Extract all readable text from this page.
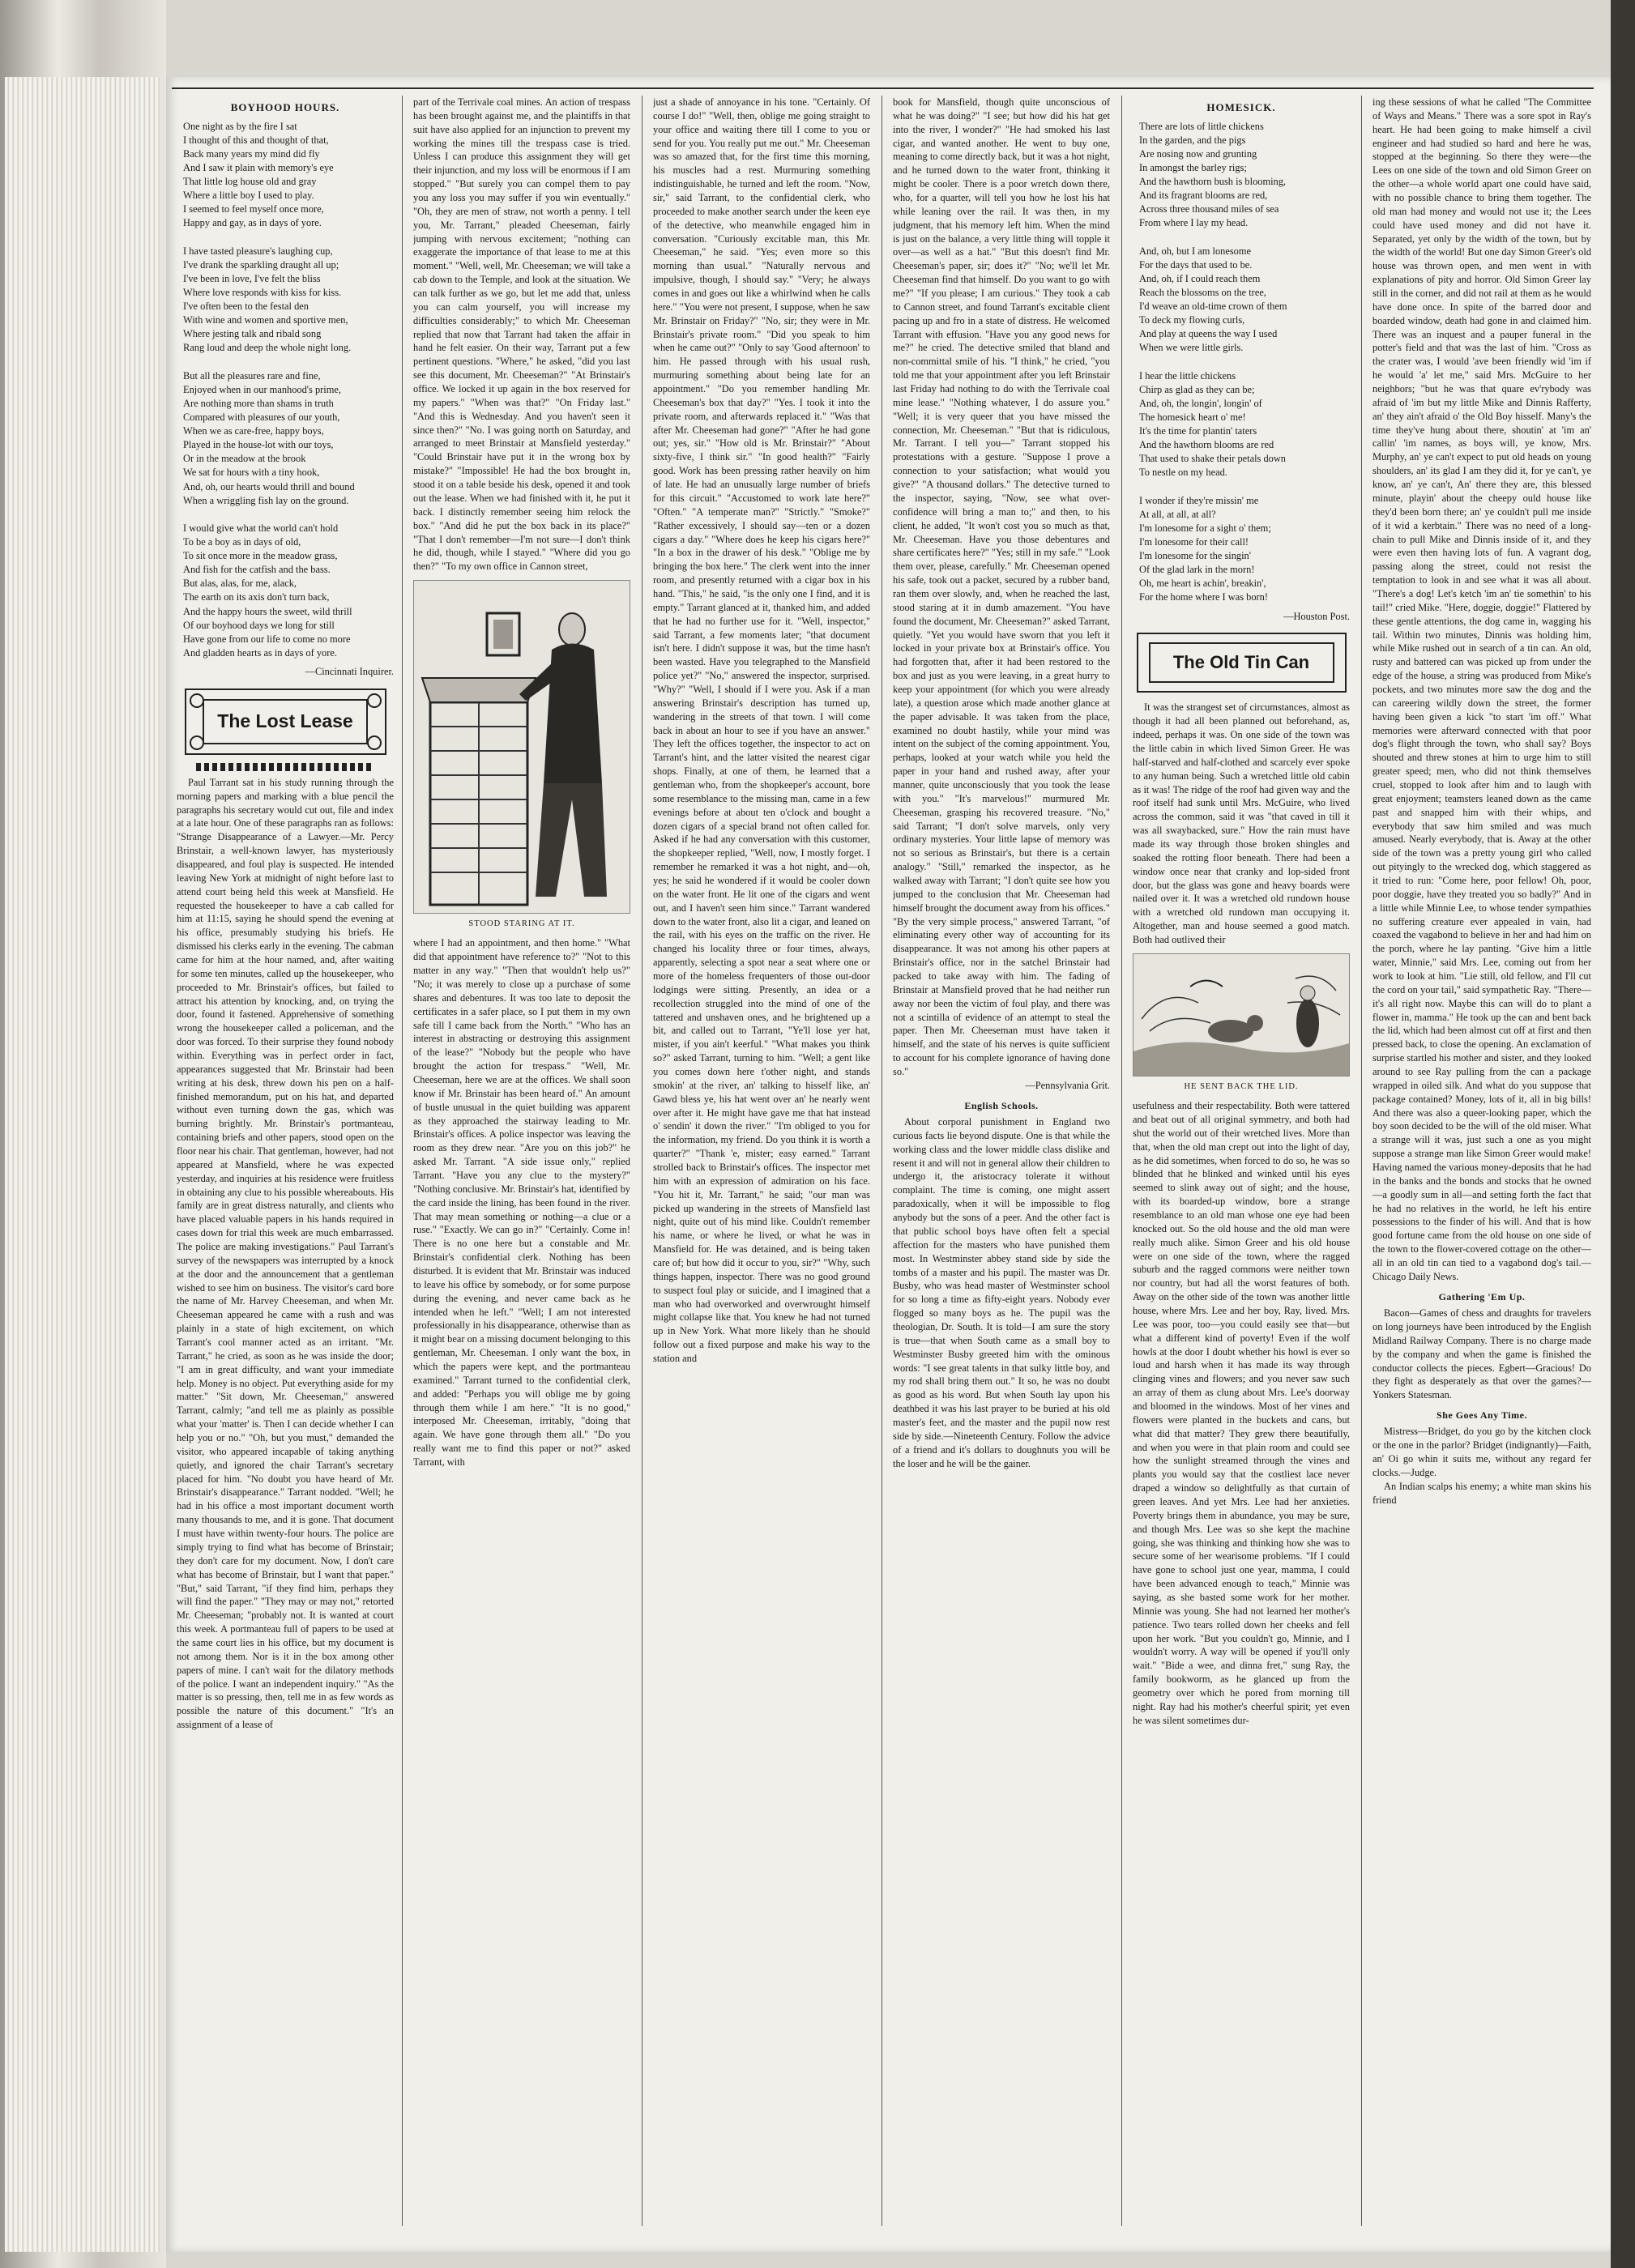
BOYHOOD HOURS.
One night as by the fire I sat
I thought of this and thought of that,
Back many years my mind did fly
And I saw it plain with memory's eye
That little log house old and gray
Where a little boy I used to play.
I seemed to feel myself once more,
Happy and gay, as in days of yore.

I have tasted pleasure's laughing cup,
I've drank the sparkling draught all up;
I've been in love, I've felt the bliss
Where love responds with kiss for kiss.
I've often been to the festal den
With wine and women and sportive men,
Where jesting talk and ribald song
Rang loud and deep the whole night long.

But all the pleasures rare and fine,
Enjoyed when in our manhood's prime,
Are nothing more than shams in truth
Compared with pleasures of our youth,
When we as care-free, happy boys,
Played in the house-lot with our toys,
Or in the meadow at the brook
We sat for hours with a tiny hook,
And, oh, our hearts would thrill and bound
When a wriggling fish lay on the ground.

I would give what the world can't hold
To be a boy as in days of old,
To sit once more in the meadow grass,
And fish for the catfish and the bass.
But alas, alas, for me, alack,
The earth on its axis don't turn back,
And the happy hours the sweet, wild thrill
Of our boyhood days we long for still
Have gone from our life to come no more
And gladden hearts as in days of yore.
—Cincinnati Inquirer.
The Lost Lease

Paul Tarrant sat in his study running through the morning papers and marking with a blue pencil the paragraphs his secretary would cut out, file and index at a late hour. One of these paragraphs ran as follows: "Strange Disappearance of a Lawyer.—Mr. Percy Brinstair, a well-known lawyer, has mysteriously disappeared, and foul play is suspected. He intended leaving New York at midnight of night before last to attend court being held this week at Mansfield. He requested the housekeeper to have a cab called for him at 11:15, saying he should spend the evening at his office, presumably studying his briefs. He dismissed his clerks early in the evening. The cabman came for him at the hour named, and, after waiting for some ten minutes, called up the housekeeper, who proceeded to Mr. Brinstair's offices, but failed to attract his attention by knocking, and, on trying the door, found it fastened. Apprehensive of something wrong the housekeeper called a policeman, and the door was forced. To their surprise they found nobody within. Everything was in perfect order in fact, appearances suggested that Mr. Brinstair had been writing at his desk, threw down his pen on a half-finished memorandum, put on his hat, and departed without even turning down the gas, which was burning brightly. Mr. Brinstair's portmanteau, containing briefs and other papers, stood open on the floor near his chair. That gentleman, however, had not appeared at Mansfield, where he was expected yesterday, and inquiries at his residence were fruitless in obtaining any clue to his possible whereabouts. His family are in great distress naturally, and clients who have placed valuable papers in his hands required in cases down for trial this week are much embarrassed. The police are making investigations." Paul Tarrant's survey of the newspapers was interrupted by a knock at the door and the announcement that a gentleman wished to see him on business. The visitor's card bore the name of Mr. Harvey Cheeseman, and when Mr. Cheeseman appeared he came with a rush and was plainly in a state of high excitement, on which Tarrant's cool manner acted as an irritant. "Mr. Tarrant," he cried, as soon as he was inside the door; "I am in great difficulty, and want your immediate help. Money is no object. Put everything aside for my matter." "Sit down, Mr. Cheeseman," answered Tarrant, calmly; "and tell me as plainly as possible what your 'matter' is. Then I can decide whether I can help you or no." "Oh, but you must," demanded the visitor, who appeared incapable of taking anything quietly, and ignored the chair Tarrant's secretary placed for him. "No doubt you have heard of Mr. Brinstair's disappearance." Tarrant nodded. "Well; he had in his office a most important document worth many thousands to me, and it is gone. That document I must have within twenty-four hours. The police are simply trying to find what has become of Brinstair; they don't care for my document. Now, I don't care what has become of Brinstair, but I want that paper." "But," said Tarrant, "if they find him, perhaps they will find the paper." "They may or may not," retorted Mr. Cheeseman; "probably not. It is wanted at court this week. A portmanteau full of papers to be used at the same court lies in his office, but my document is not among them. Nor is it in the box among other papers of mine. I can't wait for the dilatory methods of the police. I want an independent inquiry." "As the matter is so pressing, then, tell me in as few words as possible the nature of this document." "It's an assignment of a lease of

part of the Terrivale coal mines. An action of trespass has been brought against me, and the plaintiffs in that suit have also applied for an injunction to prevent my working the mines till the trespass case is tried. Unless I can produce this assignment they will get their injunction, and my loss will be enormous if I am stopped." "But surely you can compel them to pay you any loss you may suffer if you win eventually." "Oh, they are men of straw, not worth a penny. I tell you, Mr. Tarrant," pleaded Cheeseman, fairly jumping with nervous excitement; "nothing can exaggerate the importance of that lease to me at this moment." "Well, well, Mr. Cheeseman; we will take a cab down to the Temple, and look at the situation. We can talk further as we go, but let me add that, unless you can calm yourself, you will increase my difficulties considerably;" to which Mr. Cheeseman replied that now that Tarrant had taken the affair in hand he felt easier. On their way, Tarrant put a few pertinent questions. "Where," he asked, "did you last see this document, Mr. Cheeseman?" "At Brinstair's office. We locked it up again in the box reserved for my papers." "When was that?" "On Friday last." "And this is Wednesday. And you haven't seen it since then?" "No. I was going north on Saturday, and arranged to meet Brinstair at Mansfield yesterday." "Could Brinstair have put it in the wrong box by mistake?" "Impossible! He had the box brought in, stood it on a table beside his desk, opened it and took out the lease. When we had finished with it, he put it back. I distinctly remember seeing him relock the box." "And did he put the box back in its place?" "That I don't remember—I'm not sure—I don't think he did, though, while I stayed." "Where did you go then?" "To my own office in Cannon street,

STOOD STARING AT IT.

where I had an appointment, and then home." "What did that appointment have reference to?" "Not to this matter in any way." "Then that wouldn't help us?" "No; it was merely to close up a purchase of some shares and debentures. It was too late to deposit the certificates in a safer place, so I put them in my own safe till I came back from the North." "Who has an interest in abstracting or destroying this assignment of the lease?" "Nobody but the people who have brought the action for trespass." "Well, Mr. Cheeseman, here we are at the offices. We shall soon know if Mr. Brinstair has been heard of." An amount of bustle unusual in the quiet building was apparent as they approached the stairway leading to Mr. Brinstair's offices. A police inspector was leaving the room as they drew near. "Are you on this job?" he asked Mr. Tarrant. "A side issue only," replied Tarrant. "Have you any clue to the mystery?" "Nothing conclusive. Mr. Brinstair's hat, identified by the card inside the lining, has been found in the river. That may mean something or nothing—a clue or a ruse." "Exactly. We can go in?" "Certainly. Come in! There is no one here but a constable and Mr. Brinstair's confidential clerk. Nothing has been disturbed. It is evident that Mr. Brinstair was induced to leave his office by somebody, or for some purpose during the evening, and never came back as he intended when he left." "Well; I am not interested professionally in his disappearance, otherwise than as it might bear on a missing document belonging to this gentleman, Mr. Cheeseman. I only want the box, in which the papers were kept, and the portmanteau examined." Tarrant turned to the confidential clerk, and added: "Perhaps you will oblige me by going through them while I am here." "It is no good," interposed Mr. Cheeseman, irritably, "doing that again. We have gone through them all." "Do you really want me to find this paper or not?" asked Tarrant, with

just a shade of annoyance in his tone. "Certainly. Of course I do!" "Well, then, oblige me going straight to your office and waiting there till I come to you or send for you. You really put me out." Mr. Cheeseman was so amazed that, for the first time this morning, his muscles had a rest. Murmuring something indistinguishable, he turned and left the room. "Now, sir," said Tarrant, to the confidential clerk, who proceeded to make another search under the keen eye of the detective, who meanwhile engaged him in conversation. "Curiously excitable man, this Mr. Cheeseman," he said. "Yes; even more so this morning than usual." "Naturally nervous and impulsive, though, I should say." "Very; he always comes in and goes out like a whirlwind when he calls here." "You were not present, I suppose, when he saw Mr. Brinstair on Friday?" "No, sir; they were in Mr. Brinstair's private room." "Did you speak to him when he came out?" "Only to say 'Good afternoon' to him. He passed through with his usual rush, murmuring something about being late for an appointment." "Do you remember handling Mr. Cheeseman's box that day?" "Yes. I took it into the private room, and afterwards replaced it." "Was that after Mr. Cheeseman had gone?" "After he had gone out; yes, sir." "How old is Mr. Brinstair?" "About sixty-five, I think sir." "In good health?" "Fairly good. Work has been pressing rather heavily on him of late. He had an unusually large number of briefs for this circuit." "Accustomed to work late here?" "Often." "A temperate man?" "Strictly." "Smoke?" "Rather excessively, I should say—ten or a dozen cigars a day." "Where does he keep his cigars here?" "In a box in the drawer of his desk." "Oblige me by bringing the box here." The clerk went into the inner room, and presently returned with a cigar box in his hand. "This," he said, "is the only one I find, and it is empty." Tarrant glanced at it, thanked him, and added that he had no further use for it. "Well, inspector," said Tarrant, a few moments later; "that document isn't here. I didn't suppose it was, but the time hasn't been wasted. Have you telegraphed to the Mansfield police yet?" "No," answered the inspector, surprised. "Why?" "Well, I should if I were you. Ask if a man answering Brinstair's description has turned up, wandering in the streets of that town. I will come back in about an hour to see if you have an answer." They left the offices together, the inspector to act on Tarrant's hint, and the latter visited the nearest cigar shops. Finally, at one of them, he learned that a gentleman who, from the shopkeeper's account, bore some resemblance to the missing man, came in a few evenings before at about ten o'clock and bought a dozen cigars of a special brand not often called for. Asked if he had any conversation with this customer, the shopkeeper replied, "Well, now, I mostly forget. I remember he remarked it was a hot night, and—oh, yes; he said he wondered if it would be cooler down on the water front. He lit one of the cigars and went out, and I haven't seen him since." Tarrant wandered down to the water front, also lit a cigar, and leaned on the rail, with his eyes on the traffic on the river. He changed his locality three or four times, always, apparently, selecting a spot near a seat where one or more of the homeless frequenters of those out-door lodgings were sitting. Presently, an idea or a recollection struggled into the mind of one of the tattered and unshaven ones, and he brightened up a bit, and called out to Tarrant, "Ye'll lose yer hat, mister, if you ain't keerful." "What makes you think so?" asked Tarrant, turning to him. "Well; a gent like you comes down here t'other night, and stands smokin' at the river, an' talking to hisself like, an' Gawd bless ye, his hat went over an' he nearly went over after it. He might have gave me that hat instead o' sendin' it down the river." "I'm obliged to you for the information, my friend. Do you think it is worth a quarter?" "Thank 'e, mister; easy earned." Tarrant strolled back to Brinstair's offices. The inspector met him with an expression of admiration on his face. "You hit it, Mr. Tarrant," he said; "our man was picked up wandering in the streets of Mansfield last night, quite out of his mind like. Couldn't remember his name, or where he lived, or what he was in Mansfield for. He was detained, and is being taken care of; but how did it occur to you, sir?" "Why, such things happen, inspector. There was no good ground to suspect foul play or suicide, and I imagined that a man who had overworked and overwrought himself might collapse like that. You knew he had not turned up in New York. What more likely than he should follow out a fixed purpose and make his way to the station and

book for Mansfield, though quite unconscious of what he was doing?" "I see; but how did his hat get into the river, I wonder?" "He had smoked his last cigar, and wanted another. He went to buy one, meaning to come directly back, but it was a hot night, and he turned down to the water front, thinking it might be cooler. There is a poor wretch down there, who, for a quarter, will tell you how he lost his hat while leaning over the rail. It was then, in my judgment, that his memory left him. When the mind is just on the balance, a very little thing will topple it over—as well as a hat." "But this doesn't find Mr. Cheeseman's paper, sir; does it?" "No; we'll let Mr. Cheeseman find that himself. Do you want to go with me?" "If you please; I am curious." They took a cab to Cannon street, and found Tarrant's excitable client pacing up and fro in a state of distress. He welcomed Tarrant with effusion. "Have you any good news for me?" he cried. The detective smiled that bland and non-committal smile of his. "I think," he cried, "you told me that your appointment after you left Brinstair last Friday had nothing to do with the Terrivale coal mine lease." "Nothing whatever, I do assure you." "Well; it is very queer that you have missed the connection, Mr. Cheeseman." "But that is ridiculous, Mr. Tarrant. I tell you—" Tarrant stopped his protestations with a gesture. "Suppose I prove a connection to your satisfaction; what would you give?" "A thousand dollars." The detective turned to the inspector, saying, "Now, see what over-confidence will bring a man to;" and then, to his client, he added, "It won't cost you so much as that, Mr. Cheeseman. Have you those debentures and share certificates here?" "Yes; still in my safe." "Look them over, please, carefully." Mr. Cheeseman opened his safe, took out a packet, secured by a rubber band, ran them over slowly, and, when he reached the last, stood staring at it in dumb amazement. "You have found the document, Mr. Cheeseman?" asked Tarrant, quietly. "Yet you would have sworn that you left it locked in your private box at Brinstair's office. You had forgotten that, after it had been restored to the box and just as you were leaving, in a great hurry to keep your appointment (for which you were already late), a question arose which made another glance at the paper advisable. It was taken from the place, examined no doubt hastily, while your mind was intent on the subject of the coming appointment. You, perhaps, looked at your watch while you held the paper in your hand and rushed away, after your manner, quite unconsciously that you took the lease with you." "It's marvelous!" murmured Mr. Cheeseman, grasping his recovered treasure. "No," said Tarrant; "I don't solve marvels, only very ordinary mysteries. Your little lapse of memory was not so serious as Brinstair's, but there is a certain analogy." "Still," remarked the inspector, as he walked away with Tarrant; "I don't quite see how you jumped to the conclusion that Mr. Cheeseman had himself brought the document away from his offices." "By the very simple process," answered Tarrant, "of eliminating every other way of accounting for its disappearance. It was not among his other papers at Brinstair's office, nor in the satchel Brinstair had packed to take away with him. The fading of Brinstair at Mansfield proved that he had neither run away nor been the victim of foul play, and there was not a scintilla of evidence of an attempt to steal the paper. Then Mr. Cheeseman must have taken it himself, and the state of his nerves is quite sufficient to account for his complete ignorance of having done so."

—Pennsylvania Grit.
English Schools.

About corporal punishment in England two curious facts lie beyond dispute. One is that while the working class and the lower middle class dislike and resent it and will not in general allow their children to undergo it, the aristocracy tolerate it without complaint. The time is coming, one might assert paradoxically, when it will be impossible to flog anybody but the sons of a peer. And the other fact is that public school boys have often felt a special affection for the masters who have punished them most. In Westminster abbey stand side by side the tombs of a master and his pupil. The master was Dr. Busby, who was head master of Westminster school for so long a time as fifty-eight years. Nobody ever flogged so many boys as he. The pupil was the theologian, Dr. South. It is told—I am sure the story is true—that when South came as a small boy to Westminster Busby greeted him with the ominous words: "I see great talents in that sulky little boy, and my rod shall bring them out." It so, he was no doubt as good as his word. But when South lay upon his deathbed it was his last prayer to be buried at his old master's feet, and the master and the pupil now rest side by side.—Nineteenth Century. Follow the advice of a friend and it's dollars to doughnuts you will be the loser and he will be the gainer.

HOMESICK.
There are lots of little chickens
In the garden, and the pigs
Are nosing now and grunting
In amongst the barley rigs;
And the hawthorn bush is blooming,
And its fragrant blooms are red,
Across three thousand miles of sea
From where I lay my head.

And, oh, but I am lonesome
For the days that used to be.
And, oh, if I could reach them
Reach the blossoms on the tree,
I'd weave an old-time crown of them
To deck my flowing curls,
And play at queens the way I used
When we were little girls.

I hear the little chickens
Chirp as glad as they can be;
And, oh, the longin', longin' of
The homesick heart o' me!
It's the time for plantin' taters
And the hawthorn blooms are red
That used to shake their petals down
To nestle on my head.

I wonder if they're missin' me
At all, at all, at all?
I'm lonesome for a sight o' them;
I'm lonesome for their call!
I'm lonesome for the singin'
Of the glad lark in the morn!
Oh, me heart is achin', breakin',
For the home where I was born!
—Houston Post.
The Old Tin Can

It was the strangest set of circumstances, almost as though it had all been planned out beforehand, as, indeed, perhaps it was. On one side of the town was the little cabin in which lived Simon Greer. He was half-starved and half-clothed and scarcely ever spoke to any human being. Such a wretched little old cabin as it was! The ridge of the roof had given way and the roof itself had sunk until Mrs. McGuire, who lived across the common, said it was "that caved in till it was all swaybacked, sure." How the rain must have made its way through those broken shingles and soaked the rotting floor beneath. There had been a window once near that cranky and lop-sided front door, but the glass was gone and heavy boards were nailed over it. It was a wretched old rundown house with a wretched old rundown man occupying it. Altogether, man and house seemed a good match. Both had outlived their

HE SENT BACK THE LID.

usefulness and their respectability. Both were tattered and beat out of all original symmetry, and both had shut the world out of their wretched lives. More than that, when the old man crept out into the light of day, as he did sometimes, when forced to do so, he was so blinded that he blinked and winked until his eyes seemed to slink away out of sight; and the house, with its boarded-up window, bore a strange resemblance to an old man whose one eye had been knocked out. So the old house and the old man were really much alike. Simon Greer and his old house were on one side of the town, where the ragged suburb and the ragged commons were neither town nor country, but had all the worst features of both. Away on the other side of the town was another little house, where Mrs. Lee and her boy, Ray, lived. Mrs. Lee was poor, too—you could easily see that—but what a different kind of poverty! Even if the wolf howls at the door I doubt whether his howl is ever so loud and harsh when it has made its way through clinging vines and flowers; and you never saw such an array of them as clung about Mrs. Lee's doorway and bloomed in the windows. Most of her vines and flowers were planted in the buckets and cans, but what did that matter? They grew there beautifully, and when you were in that plain room and could see how the sunlight streamed through the vines and plants you would say that the costliest lace never draped a window so delightfully as that curtain of green leaves. And yet Mrs. Lee had her anxieties. Poverty brings them in abundance, you may be sure, and though Mrs. Lee was so she kept the machine going, she was thinking and thinking how she was to secure some of her wearisome problems. "If I could have gone to school just one year, mamma, I could have been advanced enough to teach," Minnie was saying, as she basted some work for her mother. Minnie was young. She had not learned her mother's patience. Two tears rolled down her cheeks and fell upon her work. "But you couldn't go, Minnie, and I wouldn't worry. A way will be opened if you'll only wait." "Bide a wee, and dinna fret," sung Ray, the family bookworm, as he glanced up from the geometry over which he pored from morning till night. Ray had his mother's cheerful spirit; yet even he was silent sometimes dur-

ing these sessions of what he called "The Committee of Ways and Means." There was a sore spot in Ray's heart. He had been going to make himself a civil engineer and had studied so hard and here he was, stopped at the beginning. So there they were—the Lees on one side of the town and old Simon Greer on the other—a whole world apart one could have said, with no possible chance to bring them together. The old man had money and would not use it; the Lees could have used money and did not have it. Separated, yet only by the width of the town, but by the width of the world! But one day Simon Greer's old house was thrown open, and men went in with explanations of pity and horror. Old Simon Greer lay still in the corner, and did not rail at them as he would have done once. In spite of the barred door and boarded window, death had gone in and claimed him. There was an inquest and a pauper funeral in the potter's field and that was the last of him. "Cross as the crater was, I would 'ave been friendly wid 'im if he would 'a' let me," said Mrs. McGuire to her neighbors; "but he was that quare ev'rybody was afraid of 'im but my little Mike and Dinnis Rafferty, an' they ain't afraid o' the Old Boy hisself. Many's the time they've hung about there, shoutin' at 'im an' callin' 'im names, as boys will, ye know, Mrs. Murphy, an' ye can't expect to put old heads on young shoulders, an' its glad I am they did it, for ye can't, ye know, an' ye can't, An' there they are, this blessed minute, playin' about the cheepy ould house like they'd been born there; an' ye couldn't pull me inside of it wid a kerbtain." There was no need of a long-chain to pull Mike and Dinnis inside of it, and they were even then having lots of fun. A vagrant dog, passing along the street, could not resist the temptation to look in and see what it was all about. "There's a dog! Let's ketch 'im an' tie somethin' to his tail!" cried Mike. "Here, doggie, doggie!" Flattered by these gentle attentions, the dog came in, wagging his tail. Within two minutes, Dinnis was holding him, while Mike rushed out in search of a tin can. An old, rusty and battered can was picked up from under the edge of the house, a string was produced from Mike's pockets, and two minutes more saw the dog and the can careering wildly down the street, the former having been given a kick "to start 'im off." What memories were afterward connected with that poor dog's flight through the town, who shall say? Boys shouted and threw stones at him to urge him to still greater speed; men, who did not think themselves cruel, stopped to look after him and to laugh with great enjoyment; teamsters leaned down as the came past and snapped him with their whips, and everybody that saw him smiled and was much amused. Nearly everybody, that is. Away at the other side of the town was a pretty young girl who called out pityingly to the wrecked dog, which staggered as it tried to run: "Come here, poor fellow! Oh, poor, poor doggie, have they treated you so badly?" And in a little while Minnie Lee, to whose tender sympathies no suffering creature ever appealed in vain, had coaxed the vagabond to believe in her and had him on the porch, where he lay panting. "Give him a little water, Minnie," said Mrs. Lee, coming out from her work to look at him. "Lie still, old fellow, and I'll cut the cord on your tail," said sympathetic Ray. "There—it's all right now. Maybe this can will do to plant a flower in, mamma." He took up the can and bent back the lid, which had been almost cut off at first and then pressed back, to close the opening. An exclamation of surprise startled his mother and sister, and they looked around to see Ray pulling from the can a package wrapped in oiled silk. And what do you suppose that package contained? Money, lots of it, all in big bills! And there was also a queer-looking paper, which the boy soon decided to be the will of the old miser. What a strange will it was, just such a one as you might suppose a strange man like Simon Greer would make! Having named the various money-deposits that he had in the banks and the bonds and stocks that he owned—a goodly sum in all—and setting forth the fact that he had no relatives in the world, he left his entire possessions to the finder of his will. And that is how good fortune came from the old house on one side of the town to the flower-covered cottage on the other—all in an old tin can tied to a vagabond dog's tail.—Chicago Daily News.

Gathering 'Em Up.

Bacon—Games of chess and draughts for travelers on long journeys have been introduced by the English Midland Railway Company. There is no charge made by the company and when the game is finished the conductor collects the pieces. Egbert—Gracious! Do they fight as desperately as that over the games?—Yonkers Statesman.

She Goes Any Time.

Mistress—Bridget, do you go by the kitchen clock or the one in the parlor? Bridget (indignantly)—Faith, an' Oi go whin it suits me, without any regard fer clocks.—Judge.

An Indian scalps his enemy; a white man skins his friend
